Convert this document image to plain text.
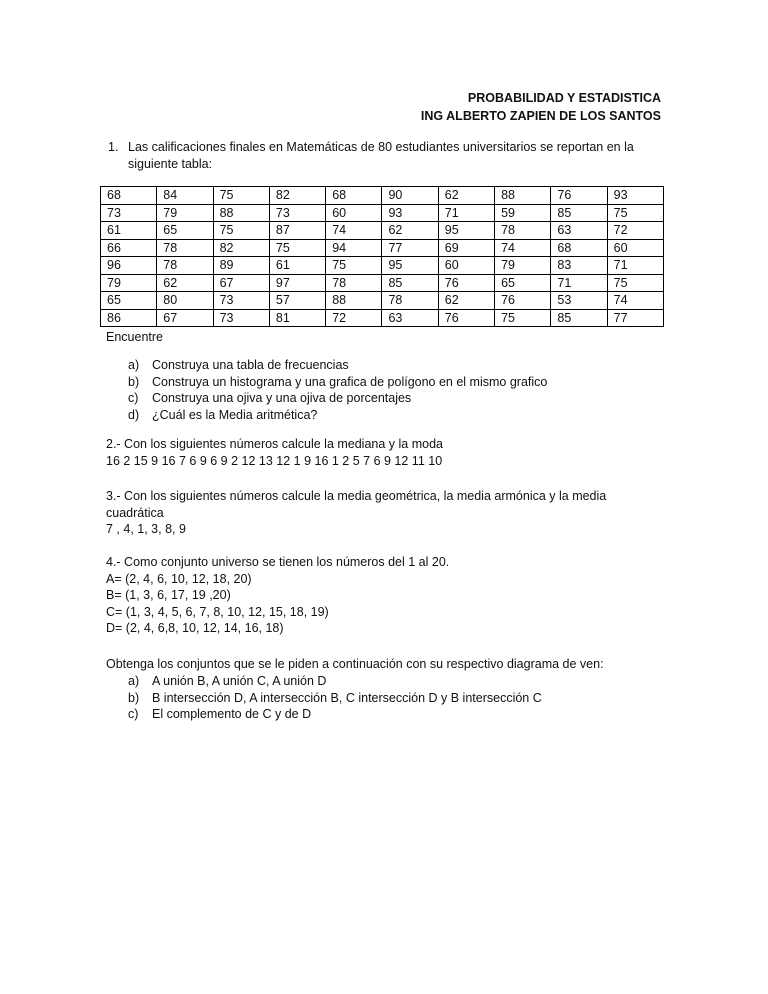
PROBABILIDAD Y ESTADISTICA
ING ALBERTO ZAPIEN DE LOS SANTOS
1. Las calificaciones finales en Matemáticas de 80 estudiantes universitarios se reportan en la siguiente tabla:
68	84	75	82	68	90	62	88	76	93
73	79	88	73	60	93	71	59	85	75
61	65	75	87	74	62	95	78	63	72
66	78	82	75	94	77	69	74	68	60
96	78	89	61	75	95	60	79	83	71
79	62	67	97	78	85	76	65	71	75
65	80	73	57	88	78	62	76	53	74
86	67	73	81	72	63	76	75	85	77
Encuentre
a) Construya una tabla de frecuencias
b) Construya un histograma y una grafica de polígono en el mismo grafico
c) Construya una ojiva y una ojiva de porcentajes
d) ¿Cuál es la Media aritmética?
2.- Con los siguientes números calcule la mediana y la moda
16 2 15 9 16 7 6 9 6 9 2 12 13 12 1 9 16 1 2 5 7 6 9 12 11 10
3.- Con los siguientes números calcule la media geométrica, la media armónica y la media cuadrática
7 , 4, 1, 3, 8, 9
4.- Como conjunto universo se tienen los números del 1 al 20.
A= (2, 4, 6, 10, 12, 18, 20)
B= (1, 3, 6, 17, 19 ,20)
C= (1, 3, 4, 5, 6, 7, 8, 10, 12, 15, 18, 19)
D= (2, 4, 6,8, 10, 12, 14, 16, 18)
Obtenga los conjuntos que se le piden a continuación con su respectivo diagrama de ven:
a) A unión B, A unión C, A unión D
b) B intersección D, A intersección B, C intersección D y B intersección C
c) El complemento de C y de D
